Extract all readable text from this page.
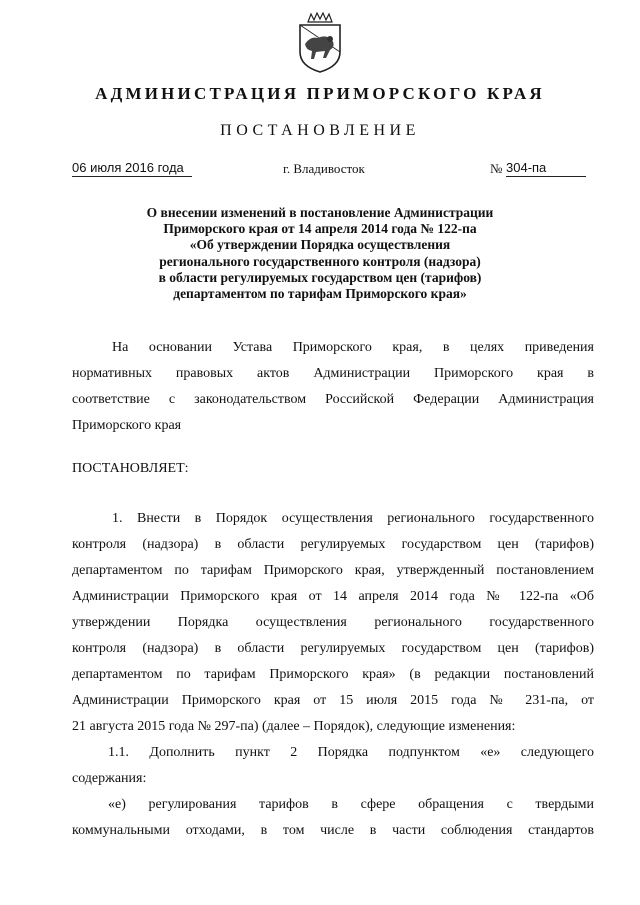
АДМИНИСТРАЦИЯ ПРИМОРСКОГО КРАЯ
ПОСТАНОВЛЕНИЕ
06 июля 2016 года	г. Владивосток	№ 304-па
О внесении изменений в постановление Администрации
Приморского края от 14 апреля 2014 года № 122-па
«Об утверждении Порядка осуществления
регионального государственного контроля (надзора)
в области регулируемых государством цен (тарифов)
департаментом по тарифам Приморского края»
На основании Устава Приморского края, в целях приведения
нормативных правовых актов Администрации Приморского края в
соответствие с законодательством Российской Федерации Администрация
Приморского края
ПОСТАНОВЛЯЕТ:
1. Внести в Порядок осуществления регионального государственного
контроля (надзора) в области регулируемых государством цен (тарифов)
департаментом по тарифам Приморского края, утвержденный постановлением
Администрации Приморского края от 14 апреля 2014 года № 122-па «Об
утверждении Порядка осуществления регионального государственного
контроля (надзора) в области регулируемых государством цен (тарифов)
департаментом по тарифам Приморского края» (в редакции постановлений
Администрации Приморского края от 15 июля 2015 года № 231-па, от
21 августа 2015 года № 297-па) (далее – Порядок), следующие изменения:
1.1. Дополнить пункт 2 Порядка подпунктом «е» следующего
содержания:
«е) регулирования тарифов в сфере обращения с твердыми
коммунальными отходами, в том числе в части соблюдения стандартов
